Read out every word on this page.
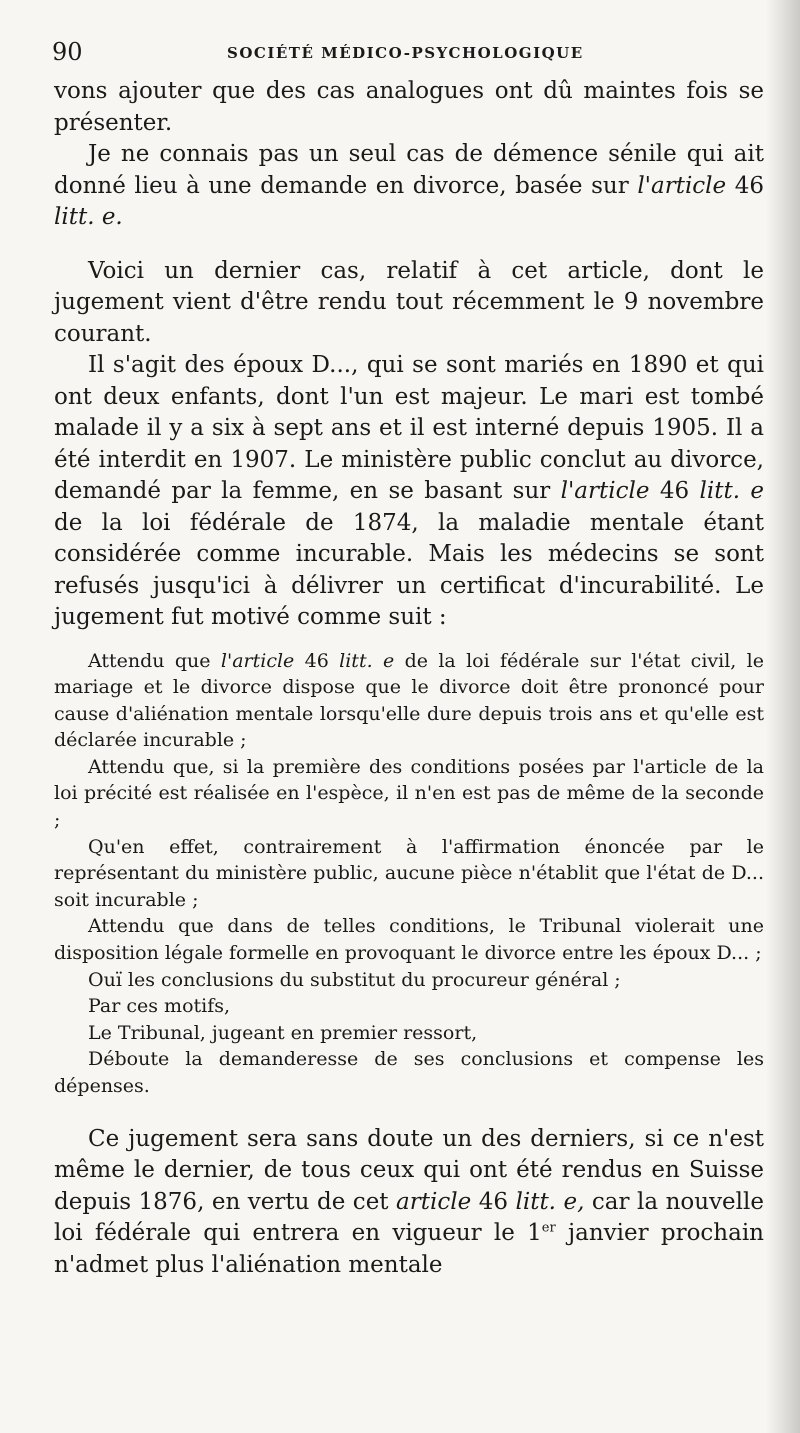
90	SOCIÉTÉ MÉDICO-PSYCHOLOGIQUE

vons ajouter que des cas analogues ont dû maintes fois se présenter.

Je ne connais pas un seul cas de démence sénile qui ait donné lieu à une demande en divorce, basée sur l'article 46 litt. e.

Voici un dernier cas, relatif à cet article, dont le jugement vient d'être rendu tout récemment le 9 novembre courant.

Il s'agit des époux D..., qui se sont mariés en 1890 et qui ont deux enfants, dont l'un est majeur. Le mari est tombé malade il y a six à sept ans et il est interné depuis 1905. Il a été interdit en 1907. Le ministère public conclut au divorce, demandé par la femme, en se basant sur l'article 46 litt. e de la loi fédérale de 1874, la maladie mentale étant considérée comme incurable. Mais les médecins se sont refusés jusqu'ici à délivrer un certificat d'incurabilité. Le jugement fut motivé comme suit :

Attendu que l'article 46 litt. e de la loi fédérale sur l'état civil, le mariage et le divorce dispose que le divorce doit être prononcé pour cause d'aliénation mentale lorsqu'elle dure depuis trois ans et qu'elle est déclarée incurable ;

Attendu que, si la première des conditions posées par l'article de la loi précité est réalisée en l'espèce, il n'en est pas de même de la seconde ;

Qu'en effet, contrairement à l'affirmation énoncée par le représentant du ministère public, aucune pièce n'établit que l'état de D... soit incurable ;

Attendu que dans de telles conditions, le Tribunal violerait une disposition légale formelle en provoquant le divorce entre les époux D... ;

Ouï les conclusions du substitut du procureur général ;

Par ces motifs,

Le Tribunal, jugeant en premier ressort,

Déboute la demanderesse de ses conclusions et compense les dépenses.

Ce jugement sera sans doute un des derniers, si ce n'est même le dernier, de tous ceux qui ont été rendus en Suisse depuis 1876, en vertu de cet article 46 litt. e, car la nouvelle loi fédérale qui entrera en vigueur le 1er janvier prochain n'admet plus l'aliénation mentale
